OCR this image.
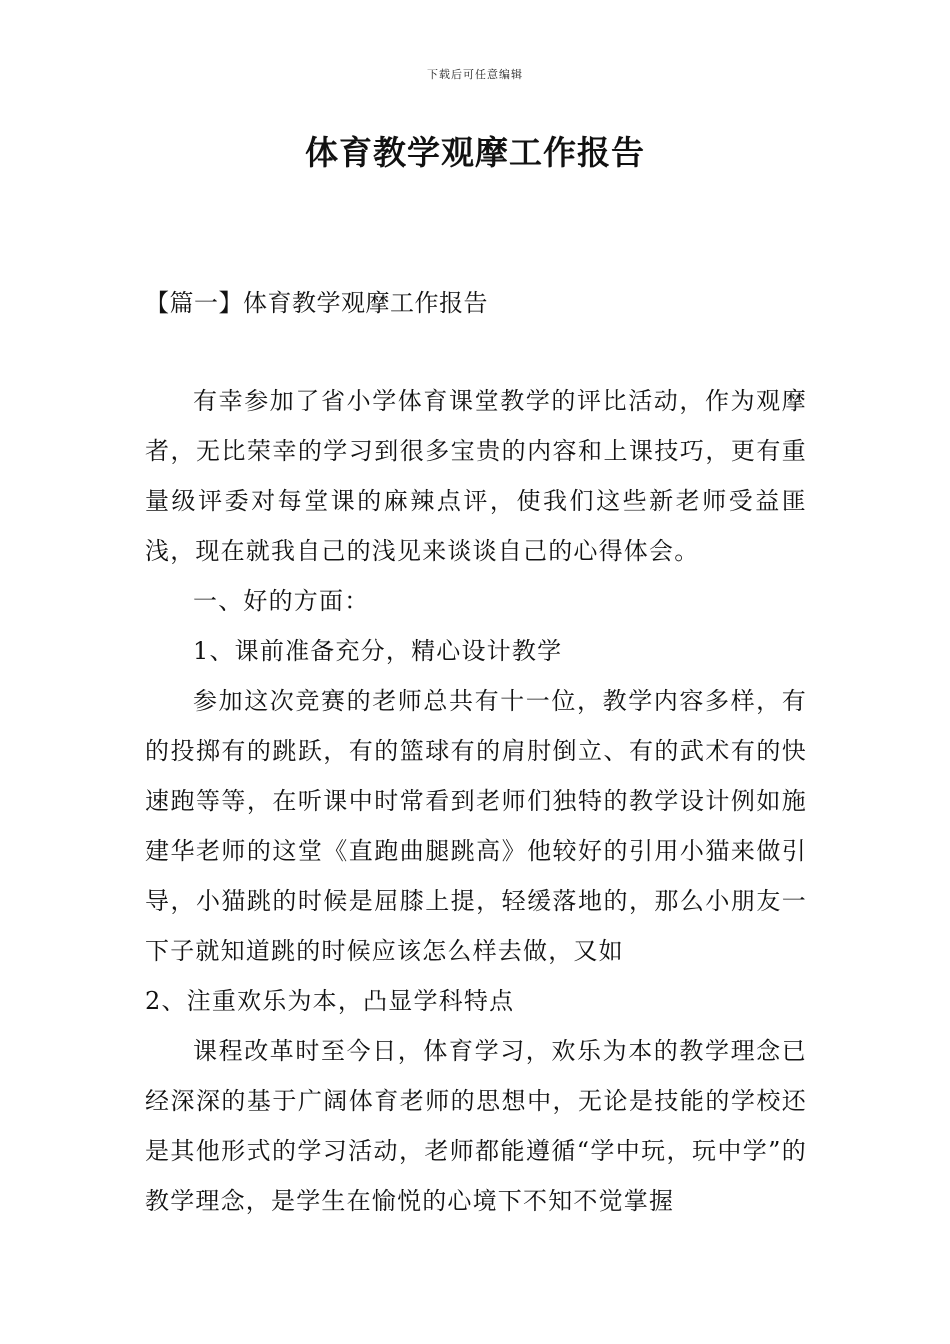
下载后可任意编辑
体育教学观摩工作报告
【篇一】体育教学观摩工作报告

有幸参加了省小学体育课堂教学的评比活动，作为观摩者，无比荣幸的学习到很多宝贵的内容和上课技巧，更有重量级评委对每堂课的麻辣点评，使我们这些新老师受益匪浅，现在就我自己的浅见来谈谈自己的心得体会。

一、好的方面：

1、课前准备充分，精心设计教学

参加这次竞赛的老师总共有十一位，教学内容多样，有的投掷有的跳跃，有的篮球有的肩肘倒立、有的武术有的快速跑等等，在听课中时常看到老师们独特的教学设计例如施建华老师的这堂《直跑曲腿跳高》他较好的引用小猫来做引导，小猫跳的时候是屈膝上提，轻缓落地的，那么小朋友一下子就知道跳的时候应该怎么样去做，又如

2、注重欢乐为本，凸显学科特点

课程改革时至今日，体育学习，欢乐为本的教学理念已经深深的基于广阔体育老师的思想中，无论是技能的学校还是其他形式的学习活动，老师都能遵循“学中玩，玩中学”的教学理念，是学生在愉悦的心境下不知不觉掌握
